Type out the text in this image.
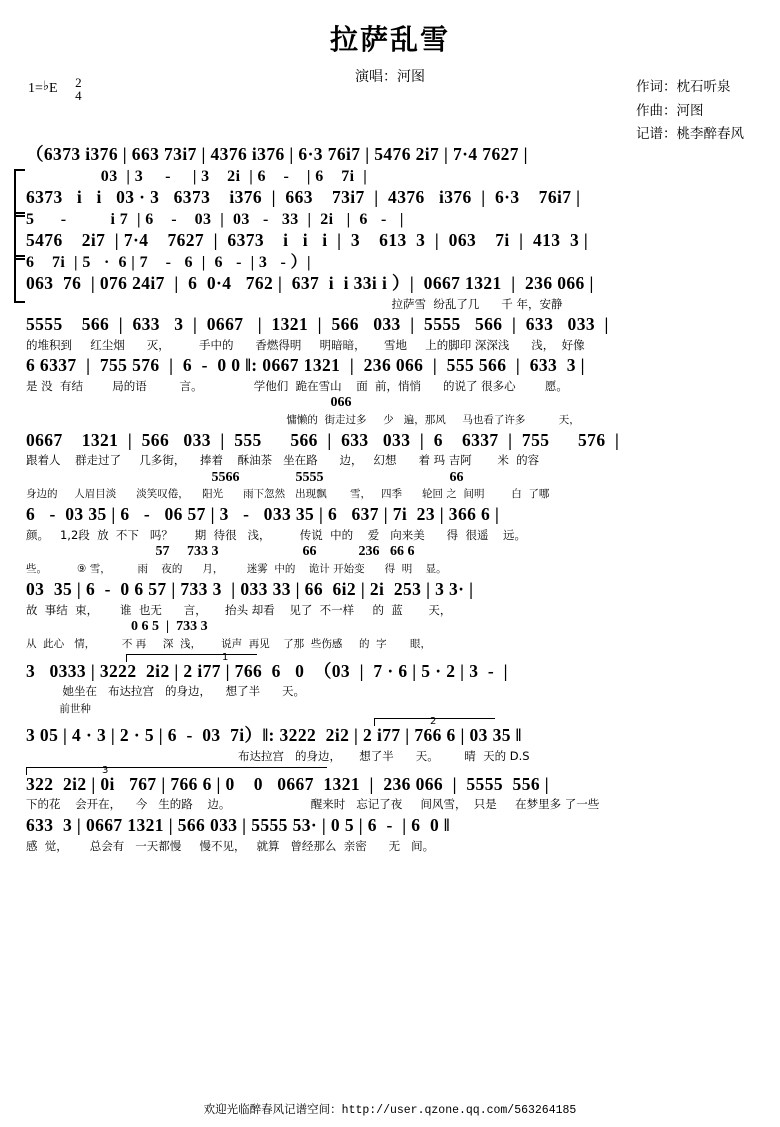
拉萨乱雪
1=♭E 2
4
演唱：河图
作词：枕石听泉
作曲：河图
记谱：桃李醉春风
（6373 i376 | 663 73i7 | 4376 i376 | 6·3 76i7 | 5476 2i7 | 7·4 7627 |
03  | 3     -     | 3    2i  | 6    -    | 6    7i  |
6373   i   i   03 · 3   6373    i376  |  663    73i7  |  4376   i376  |  6·3    76i7 |
5      -          i 7  | 6    -    03  |  03   -   33  |  2i   |  6   -   |
5476    2i7  | 7·4    7627  |  6373    i   i   i  |  3    613  3  |  063    7i  |  413  3 |
6    7i  | 5   ·  6 | 7    -   6  |  6   -  | 3   - ）|
063  76  | 076 24i7  |  6  0·4   762 |  637  i  i 33i i ）|  0667 1321  |  236 066 |
拉萨雪  纷乱了几      千 年，安静
5555    566  |  633   3  |  0667   |  1321  |  566   033  |  5555   566  |  633   033  |
的堆积到     红尘烟      灭，        手中的      香燃得明     明暗暗，     雪地     上的脚印 深深浅      浅，  好像
6 6337  |  755 576  |  6  -  0 0 ‖: 0667 1321  |  236 066  |  555 566  |  633  3 |
是 没  有结        局的语         言。              学他们  跪在雪山    面  前，悄悄      的说了 很多心        愿。
066
慵懒的  街走过多     少   遍，那风     马也看了许多          天，
0667    1321  |  566   033  |  555      566  |  633   033  |  6    6337  |  755      576  |
跟着人    群走过了     几多街，    捧着    酥油茶   坐在路      边，   幻想      着 玛 吉阿       米  的容
5566                5555                                    66
身边的     人眉目淡      淡笑叹倦，    阳光      雨下忽然   出现飘       雪，   四季      轮回 之  间明        白  了哪
6   -  03 35 | 6   -   06 57 | 3   -   033 35 | 6   637 | 7i  23 | 366 6 |
颜。   1,2段  放  不下   吗？      期  待很   浅，        传说  中的    爱   向来美      得  很遥    远。
57     733 3                        66            236   66 6
些。         ⑨ 雪，        雨    夜的      月，       迷雾  中的    诡计 开始变      得  明    显。
03  35 | 6  -  0 6 57 | 733 3  | 033 33 | 66  6i2 | 2i  253 | 3 3· |
故  事结  束，      谁  也无      言，     抬头 却看    见了  不一样     的  蓝       天，
0 6 5  |  733 3
从  此心   情，        不 再     深  浅，      说声  再见    了那  些伤感     的  字       眼，
1
3   0333 | 3222  2i2 | 2 i77 | 766  6   0  （03  |  7 · 6 | 5 · 2 | 3  -  |
她坐在   布达拉宫   的身边，    想了半      天。
前世种
2
3 05 | 4 · 3 | 2 · 5 | 6  -  03  7i）‖: 3222  2i2 | 2 i77 | 766 6 | 03 35 ‖
布达拉宫   的身边，     想了半      天。       晴  天的 D.S
3
322  2i2 | 0i   767 | 766 6 | 0    0   0667  1321  |  236 066  |  5555  556 |
下的花    会开在，    今   生的路    边。                      醒来时   忘记了夜     间风雪，  只是     在梦里多 了一些
633  3 | 0667 1321 | 566 033 | 5555 53· | 0 5 | 6  -  | 6  0 ‖
感  觉，      总会有   一天都慢     慢不见，   就算   曾经那么  亲密      无   间。
欢迎光临醉春风记谱空间：http://user.qzone.qq.com/563264185
